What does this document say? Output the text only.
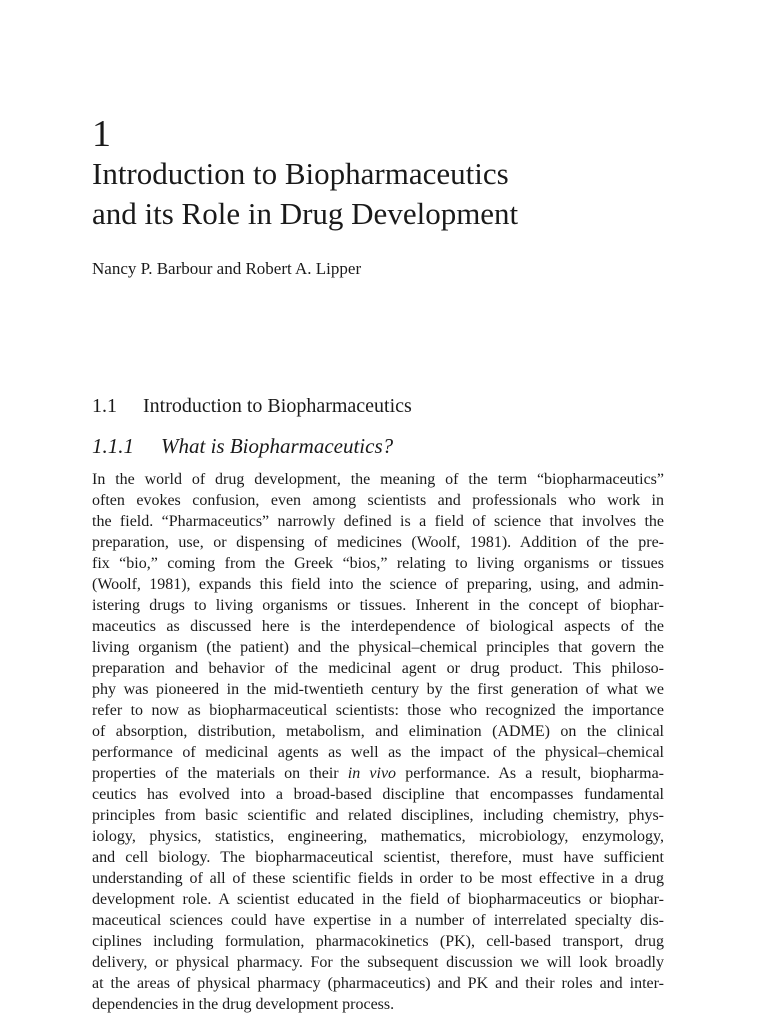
1
Introduction to Biopharmaceutics
and its Role in Drug Development

Nancy P. Barbour and Robert A. Lipper

1.1 Introduction to Biopharmaceutics
1.1.1 What is Biopharmaceutics?
In the world of drug development, the meaning of the term “biopharmaceutics”
often evokes confusion, even among scientists and professionals who work in
the field. “Pharmaceutics” narrowly defined is a field of science that involves the
preparation, use, or dispensing of medicines (Woolf, 1981). Addition of the pre-
fix “bio,” coming from the Greek “bios,” relating to living organisms or tissues
(Woolf, 1981), expands this field into the science of preparing, using, and admin-
istering drugs to living organisms or tissues. Inherent in the concept of biophar-
maceutics as discussed here is the interdependence of biological aspects of the
living organism (the patient) and the physical–chemical principles that govern the
preparation and behavior of the medicinal agent or drug product. This philoso-
phy was pioneered in the mid-twentieth century by the first generation of what we
refer to now as biopharmaceutical scientists: those who recognized the importance
of absorption, distribution, metabolism, and elimination (ADME) on the clinical
performance of medicinal agents as well as the impact of the physical–chemical
properties of the materials on their in vivo performance. As a result, biopharma-
ceutics has evolved into a broad-based discipline that encompasses fundamental
principles from basic scientific and related disciplines, including chemistry, phys-
iology, physics, statistics, engineering, mathematics, microbiology, enzymology,
and cell biology. The biopharmaceutical scientist, therefore, must have sufficient
understanding of all of these scientific fields in order to be most effective in a drug
development role. A scientist educated in the field of biopharmaceutics or biophar-
maceutical sciences could have expertise in a number of interrelated specialty dis-
ciplines including formulation, pharmacokinetics (PK), cell-based transport, drug
delivery, or physical pharmacy. For the subsequent discussion we will look broadly
at the areas of physical pharmacy (pharmaceutics) and PK and their roles and inter-
dependencies in the drug development process.
